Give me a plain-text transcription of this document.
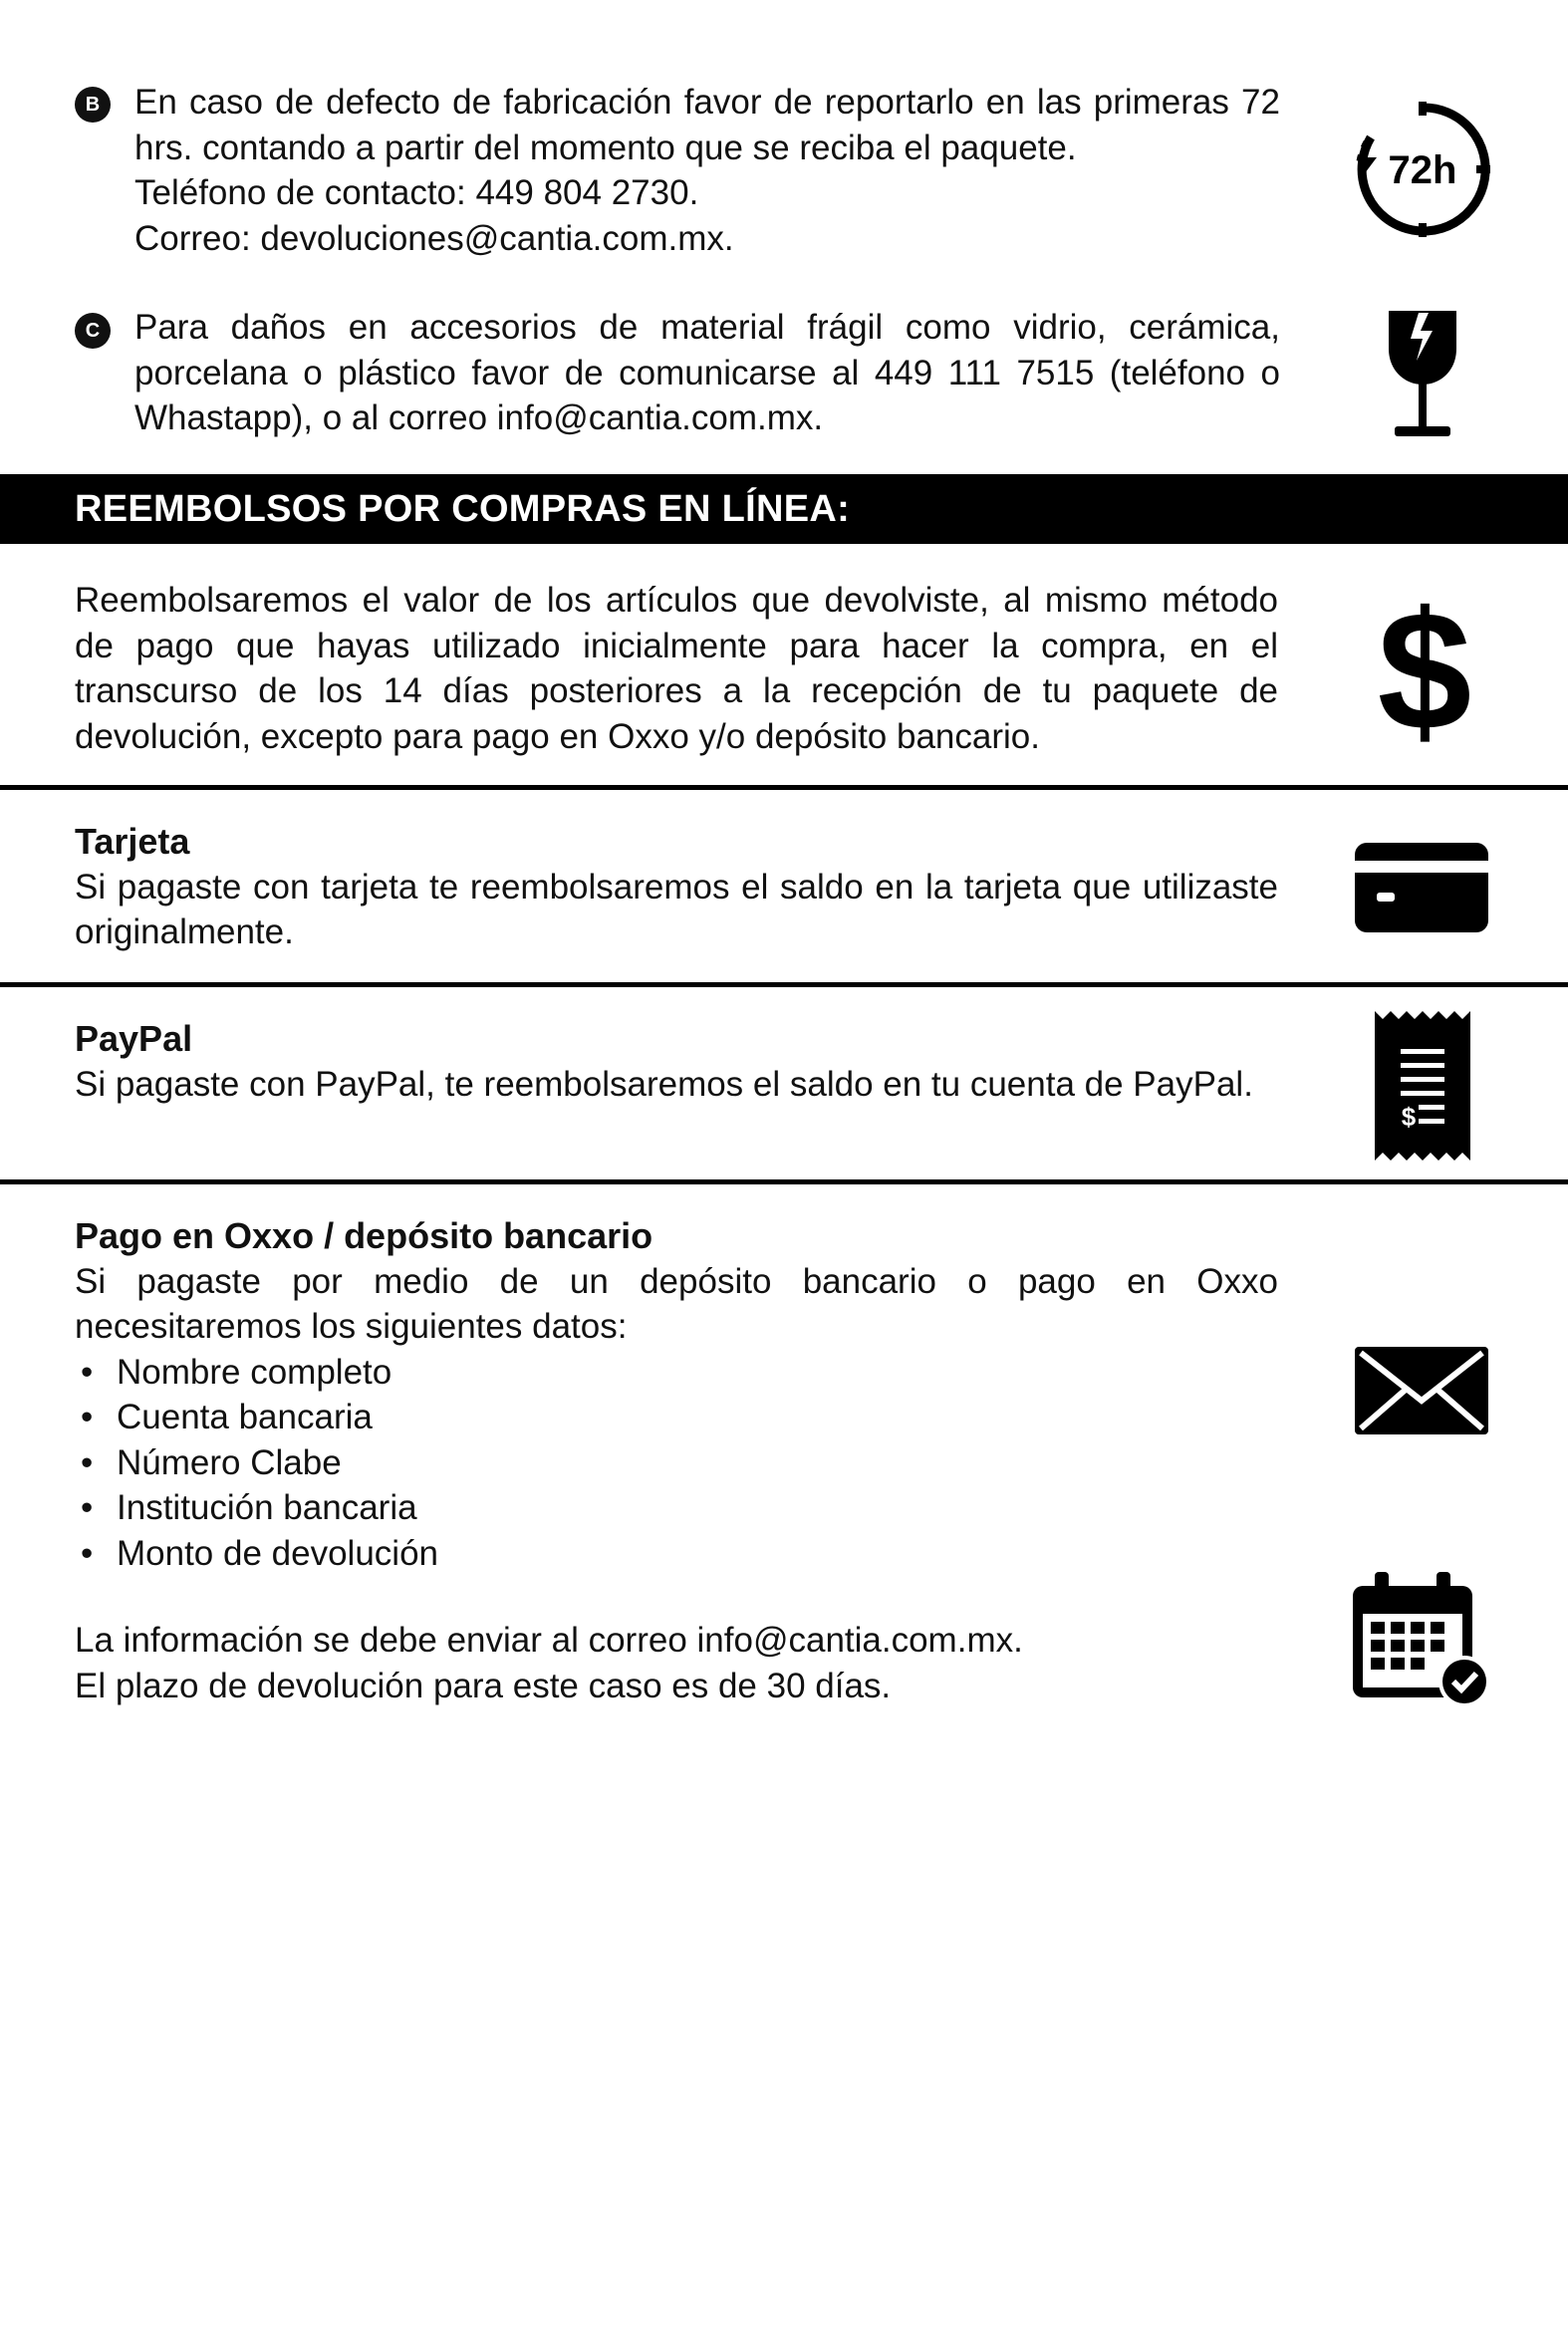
B En caso de defecto de fabricación favor de reportarlo en las primeras 72 hrs. contando a partir del momento que se reciba el paquete.
Teléfono de contacto: 449 804 2730.
Correo: devoluciones@cantia.com.mx.
72h
C Para daños en accesorios de material frágil como vidrio, cerámica, porcelana o plástico favor de comunicarse al 449 111 7515 (teléfono o Whastapp), o al correo info@cantia.com.mx.
REEMBOLSOS POR COMPRAS EN LÍNEA:
Reembolsaremos el valor de los artículos que devolviste, al mismo método de pago que hayas utilizado inicialmente para hacer la compra, en el transcurso de los 14 días posteriores a la recepción de tu paquete de devolución, excepto para pago en Oxxo y/o depósito bancario.	$
Tarjeta
Si pagaste con tarjeta te reembolsaremos el saldo en la tarjeta que utilizaste originalmente.
PayPal
Si pagaste con PayPal, te reembolsaremos el saldo en tu cuenta de PayPal.
$
Pago en Oxxo / depósito bancario
Si pagaste por medio de un depósito bancario o pago en Oxxo necesitaremos los siguientes datos:
• Nombre completo
• Cuenta bancaria
• Número Clabe
• Institución bancaria
• Monto de devolución
La información se debe enviar al correo info@cantia.com.mx.
El plazo de devolución para este caso es de 30 días.
